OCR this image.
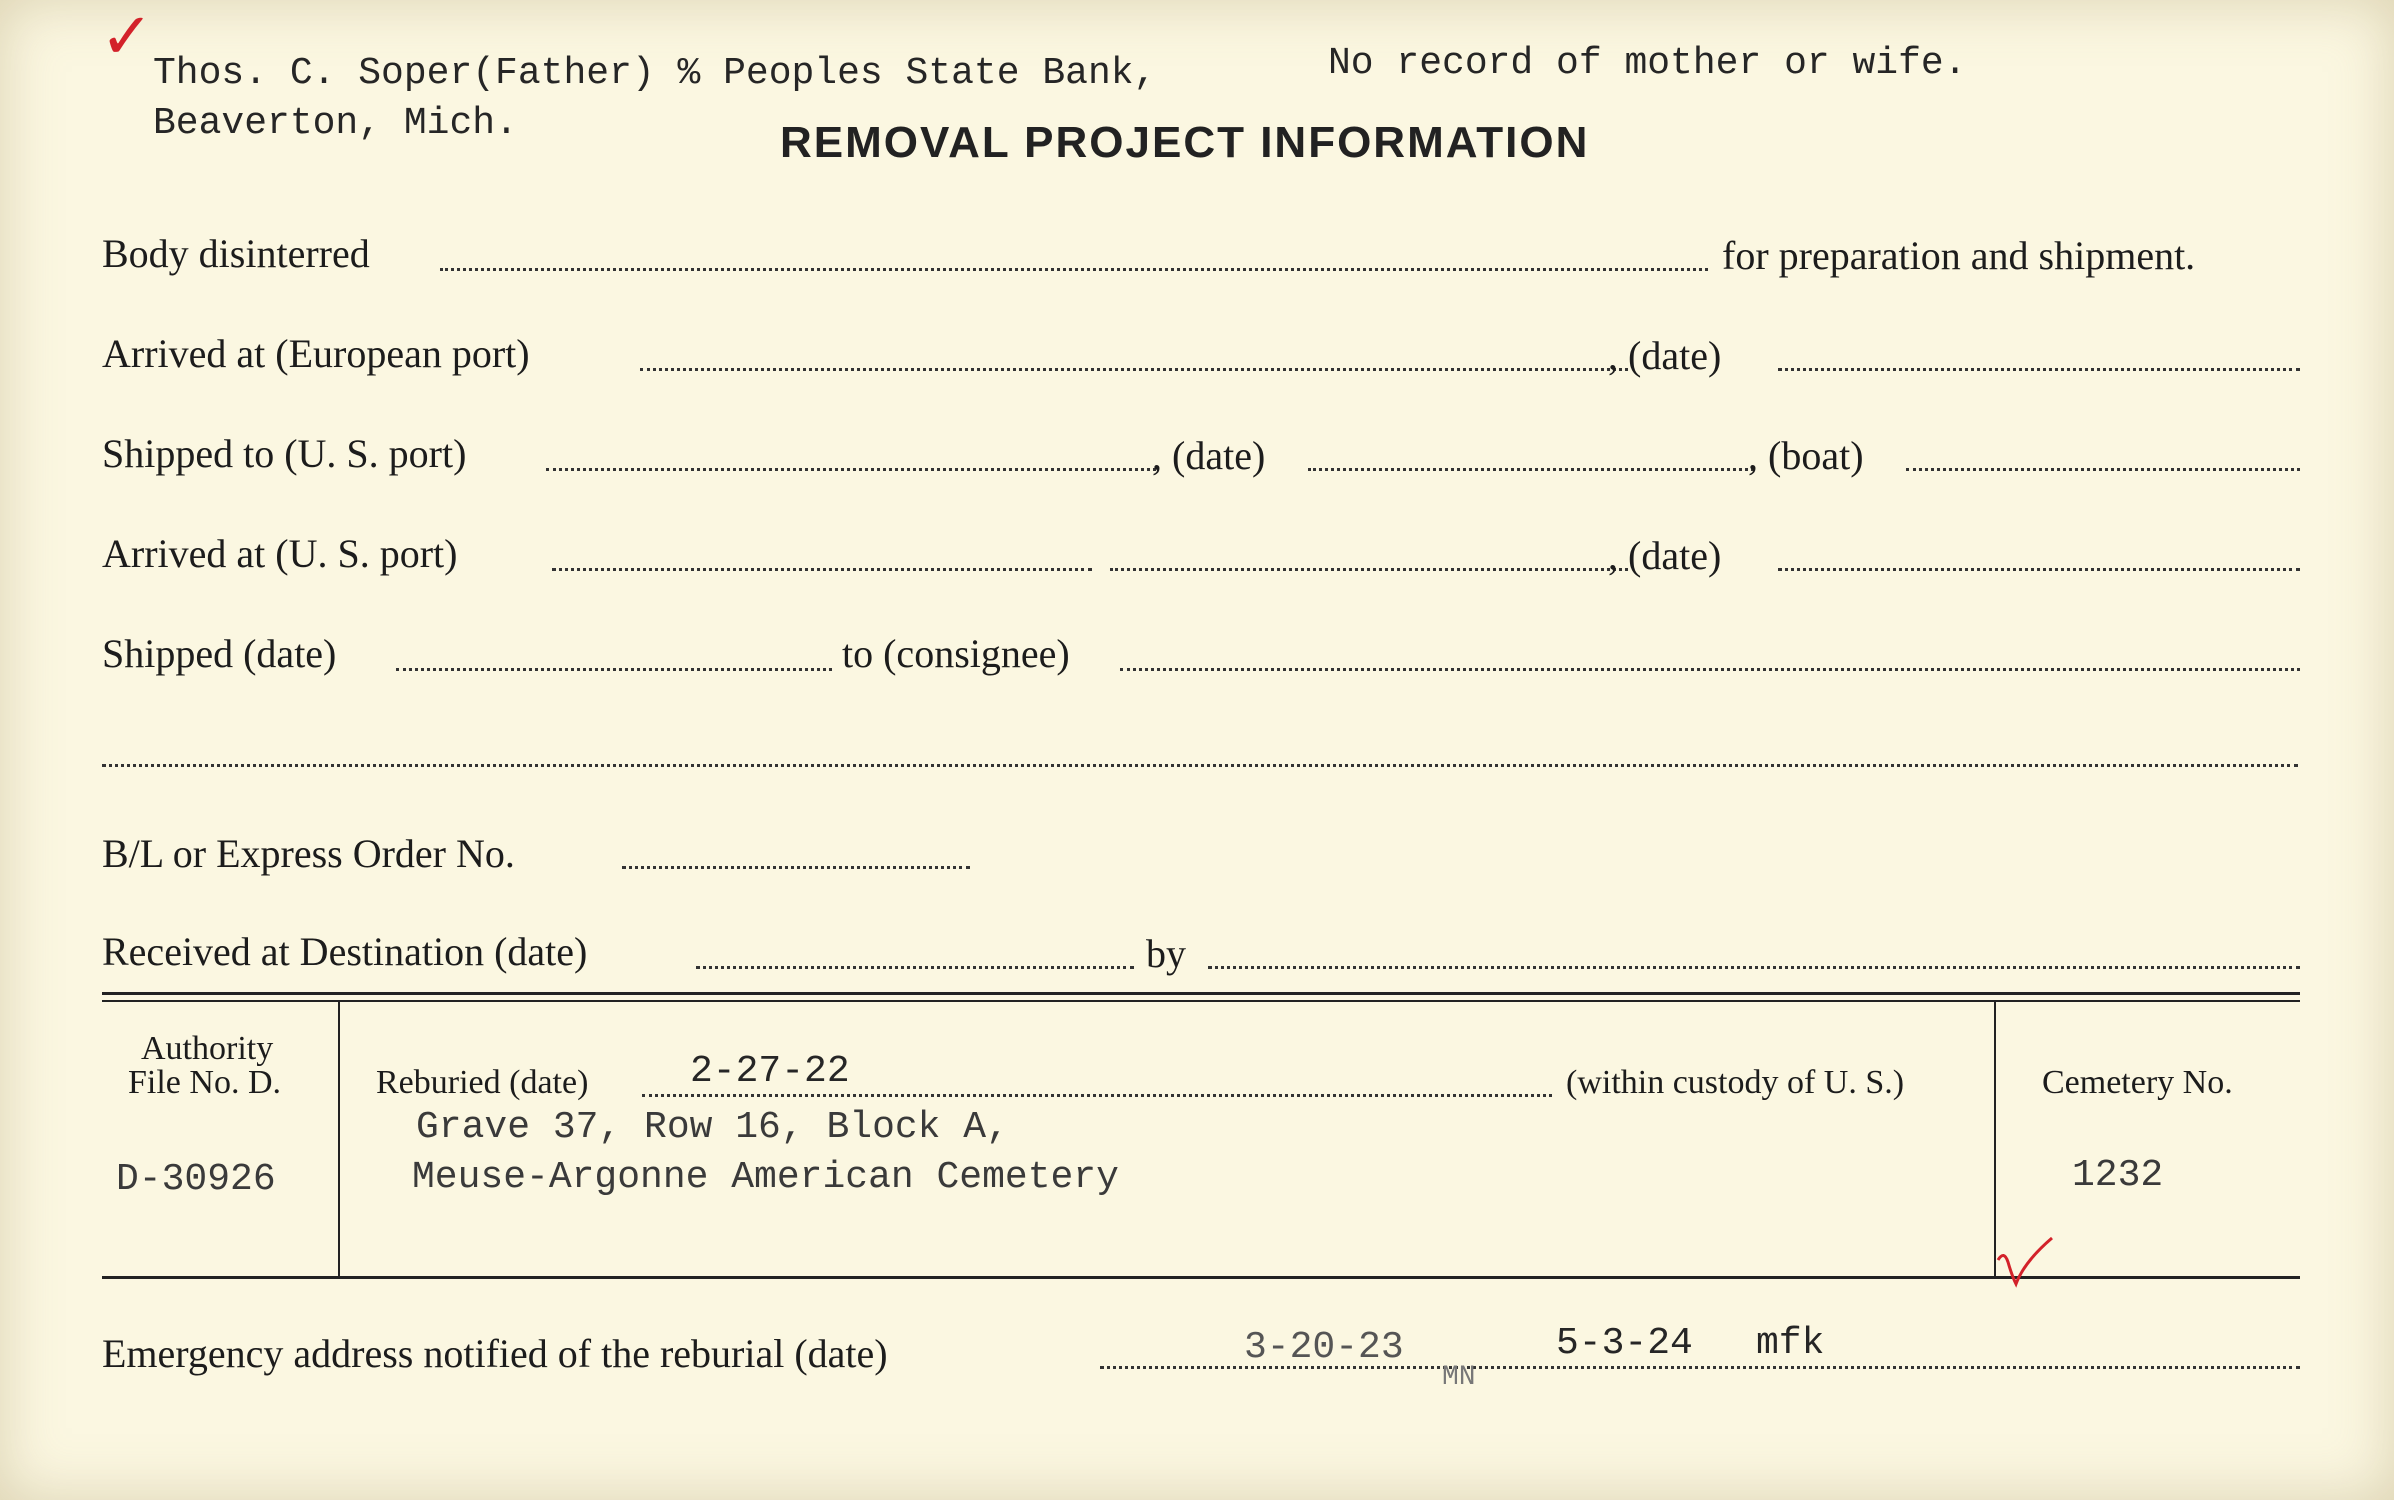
✓ Thos. C. Soper(Father) % Peoples State Bank,
Beaverton, Mich.
No record of mother or wife.
REMOVAL PROJECT INFORMATION
Body disinterred	for preparation and shipment.
Arrived at (European port)	, (date)
Shipped to (U. S. port)	, (date)	, (boat)
Arrived at (U. S. port)	, (date)
Shipped (date)	to (consignee)
B/L or Express Order No.
Received at Destination (date)	by
Authority
File No. D.
D-30926
Reburied (date)	2-27-22	(within custody of U. S.)
Grave 37, Row 16, Block A,
Meuse-Argonne American Cemetery
Cemetery No.
1232
Emergency address notified of the reburial (date)	3-20-23
MN
5-3-24 mfk
